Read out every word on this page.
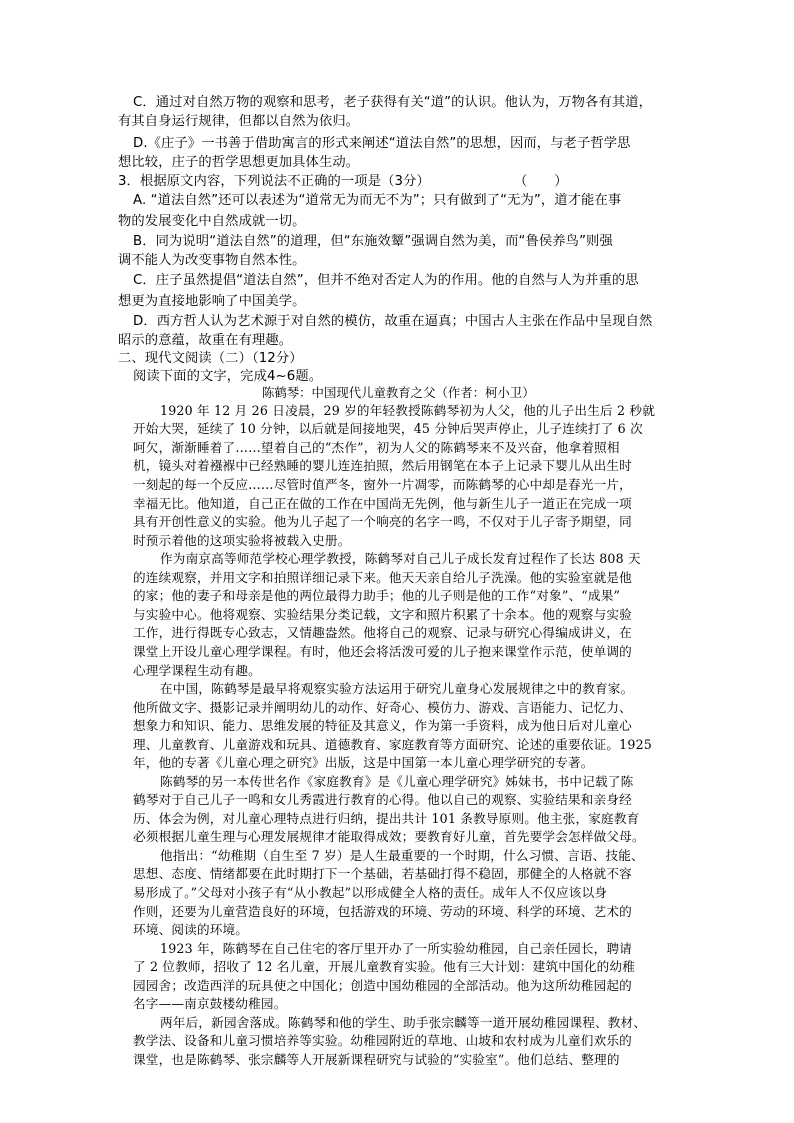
C．通过对自然万物的观察和思考，老子获得有关“道”的认识。他认为，万物各有其道，
有其自身运行规律，但都以自然为依归。
D.《庄子》一书善于借助寓言的形式来阐述“道法自然”的思想，因而，与老子哲学思
想比较，庄子的哲学思想更加具体生动。
3．根据原文内容，下列说法不正确的一项是（3分）	（　　）
A. “道法自然”还可以表述为“道常无为而无不为”；只有做到了“无为”，道才能在事
物的发展变化中自然成就一切。
B．同为说明“道法自然”的道理，但“东施效颦”强调自然为美，而“鲁侯养鸟”则强
调不能人为改变事物自然本性。
C．庄子虽然提倡“道法自然”，但并不绝对否定人为的作用。他的自然与人为并重的思
想更为直接地影响了中国美学。
D．西方哲人认为艺术源于对自然的模仿，故重在逼真；中国古人主张在作品中呈现自然
昭示的意蕴，故重在有理趣。
二、现代文阅读（二）（12分）
阅读下面的文字，完成4~6题。
陈鹤琴：中国现代儿童教育之父（作者：柯小卫）
1920 年 12 月 26 日凌晨，29 岁的年轻教授陈鹤琴初为人父，他的儿子出生后 2 秒就
开始大哭，延续了 10 分钟，以后就是间接地哭，45 分钟后哭声停止，儿子连续打了 6 次
呵欠，渐渐睡着了……望着自己的“杰作”，初为人父的陈鹤琴来不及兴奋，他拿着照相
机，镜头对着襁褓中已经熟睡的婴儿连连拍照，然后用钢笔在本子上记录下婴儿从出生时
一刻起的每一个反应……尽管时值严冬，窗外一片凋零，而陈鹤琴的心中却是春光一片，
幸福无比。他知道，自己正在做的工作在中国尚无先例，他与新生儿子一道正在完成一项
具有开创性意义的实验。他为儿子起了一个响亮的名字一鸣，不仅对于儿子寄予期望，同
时预示着他的这项实验将被载入史册。
作为南京高等师范学校心理学教授，陈鹤琴对自己儿子成长发育过程作了长达 808 天
的连续观察，并用文字和拍照详细记录下来。他天天亲自给儿子洗澡。他的实验室就是他
的家；他的妻子和母亲是他的两位最得力助手；他的儿子则是他的工作“对象”、“成果”
与实验中心。他将观察、实验结果分类记载，文字和照片积累了十余本。他的观察与实验
工作，进行得既专心致志，又情趣盎然。他将自己的观察、记录与研究心得编成讲义，在
课堂上开设儿童心理学课程。有时，他还会将活泼可爱的儿子抱来课堂作示范，使单调的
心理学课程生动有趣。
在中国，陈鹤琴是最早将观察实验方法运用于研究儿童身心发展规律之中的教育家。
他所做文字、摄影记录并阐明幼儿的动作、好奇心、模仿力、游戏、言语能力、记忆力、
想象力和知识、能力、思维发展的特征及其意义，作为第一手资料，成为他日后对儿童心
理、儿童教育、儿童游戏和玩具、道德教育、家庭教育等方面研究、论述的重要依证。1925
年，他的专著《儿童心理之研究》出版，这是中国第一本儿童心理学研究的专著。
陈鹤琴的另一本传世名作《家庭教育》是《儿童心理学研究》姊妹书，书中记载了陈
鹤琴对于自己儿子一鸣和女儿秀霞进行教育的心得。他以自己的观察、实验结果和亲身经
历、体会为例，对儿童心理特点进行归纳，提出共计 101 条教导原则。他主张，家庭教育
必须根据儿童生理与心理发展规律才能取得成效；要教育好儿童，首先要学会怎样做父母。
他指出：“幼稚期（自生至 7 岁）是人生最重要的一个时期，什么习惯、言语、技能、
思想、态度、情绪都要在此时期打下一个基础，若基础打得不稳固，那健全的人格就不容
易形成了。”父母对小孩子有“从小教起”以形成健全人格的责任。成年人不仅应该以身
作则，还要为儿童营造良好的环境，包括游戏的环境、劳动的环境、科学的环境、艺术的
环境、阅读的环境。
1923 年，陈鹤琴在自己住宅的客厅里开办了一所实验幼稚园，自己亲任园长，聘请
了 2 位教师，招收了 12 名儿童，开展儿童教育实验。他有三大计划：建筑中国化的幼稚
园园舍；改造西洋的玩具使之中国化；创造中国幼稚园的全部活动。他为这所幼稚园起的
名字——南京鼓楼幼稚园。
两年后，新园舍落成。陈鹤琴和他的学生、助手张宗麟等一道开展幼稚园课程、教材、
教学法、设备和儿童习惯培养等实验。幼稚园附近的草地、山坡和农村成为儿童们欢乐的
课堂，也是陈鹤琴、张宗麟等人开展新课程研究与试验的“实验室”。他们总结、整理的
